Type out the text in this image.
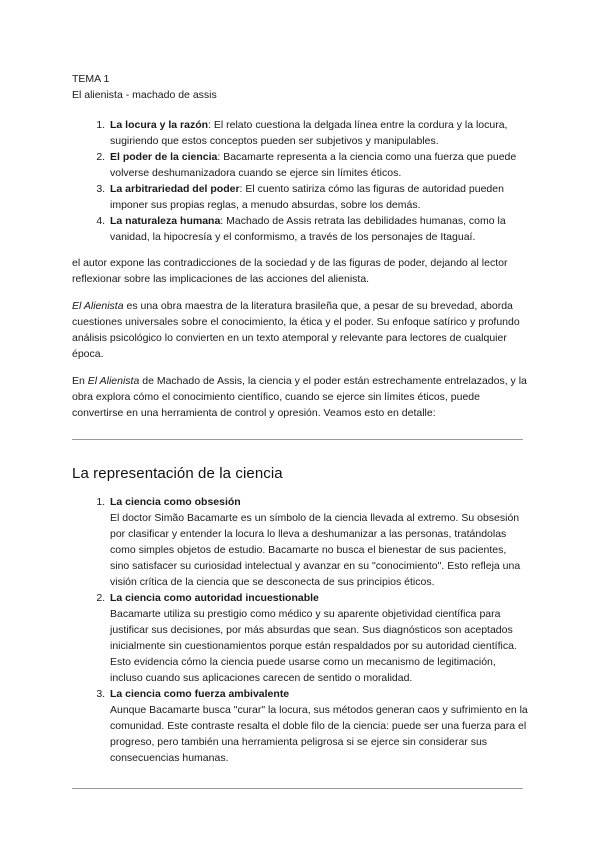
TEMA 1
El alienista - machado de assis
1. La locura y la razón: El relato cuestiona la delgada línea entre la cordura y la locura, sugiriendo que estos conceptos pueden ser subjetivos y manipulables.
2. El poder de la ciencia: Bacamarte representa a la ciencia como una fuerza que puede volverse deshumanizadora cuando se ejerce sin límites éticos.
3. La arbitrariedad del poder: El cuento satiriza cómo las figuras de autoridad pueden imponer sus propias reglas, a menudo absurdas, sobre los demás.
4. La naturaleza humana: Machado de Assis retrata las debilidades humanas, como la vanidad, la hipocresía y el conformismo, a través de los personajes de Itaguaí.

el autor expone las contradicciones de la sociedad y de las figuras de poder, dejando al lector reflexionar sobre las implicaciones de las acciones del alienista.

El Alienista es una obra maestra de la literatura brasileña que, a pesar de su brevedad, aborda cuestiones universales sobre el conocimiento, la ética y el poder. Su enfoque satírico y profundo análisis psicológico lo convierten en un texto atemporal y relevante para lectores de cualquier época.

En El Alienista de Machado de Assis, la ciencia y el poder están estrechamente entrelazados, y la obra explora cómo el conocimiento científico, cuando se ejerce sin límites éticos, puede convertirse en una herramienta de control y opresión. Veamos esto en detalle:

La representación de la ciencia
1. La ciencia como obsesión
El doctor Simão Bacamarte es un símbolo de la ciencia llevada al extremo. Su obsesión por clasificar y entender la locura lo lleva a deshumanizar a las personas, tratándolas como simples objetos de estudio. Bacamarte no busca el bienestar de sus pacientes, sino satisfacer su curiosidad intelectual y avanzar en su "conocimiento". Esto refleja una visión crítica de la ciencia que se desconecta de sus principios éticos.
2. La ciencia como autoridad incuestionable
Bacamarte utiliza su prestigio como médico y su aparente objetividad científica para justificar sus decisiones, por más absurdas que sean. Sus diagnósticos son aceptados inicialmente sin cuestionamientos porque están respaldados por su autoridad científica. Esto evidencia cómo la ciencia puede usarse como un mecanismo de legitimación, incluso cuando sus aplicaciones carecen de sentido o moralidad.
3. La ciencia como fuerza ambivalente
Aunque Bacamarte busca "curar" la locura, sus métodos generan caos y sufrimiento en la comunidad. Este contraste resalta el doble filo de la ciencia: puede ser una fuerza para el progreso, pero también una herramienta peligrosa si se ejerce sin considerar sus consecuencias humanas.
